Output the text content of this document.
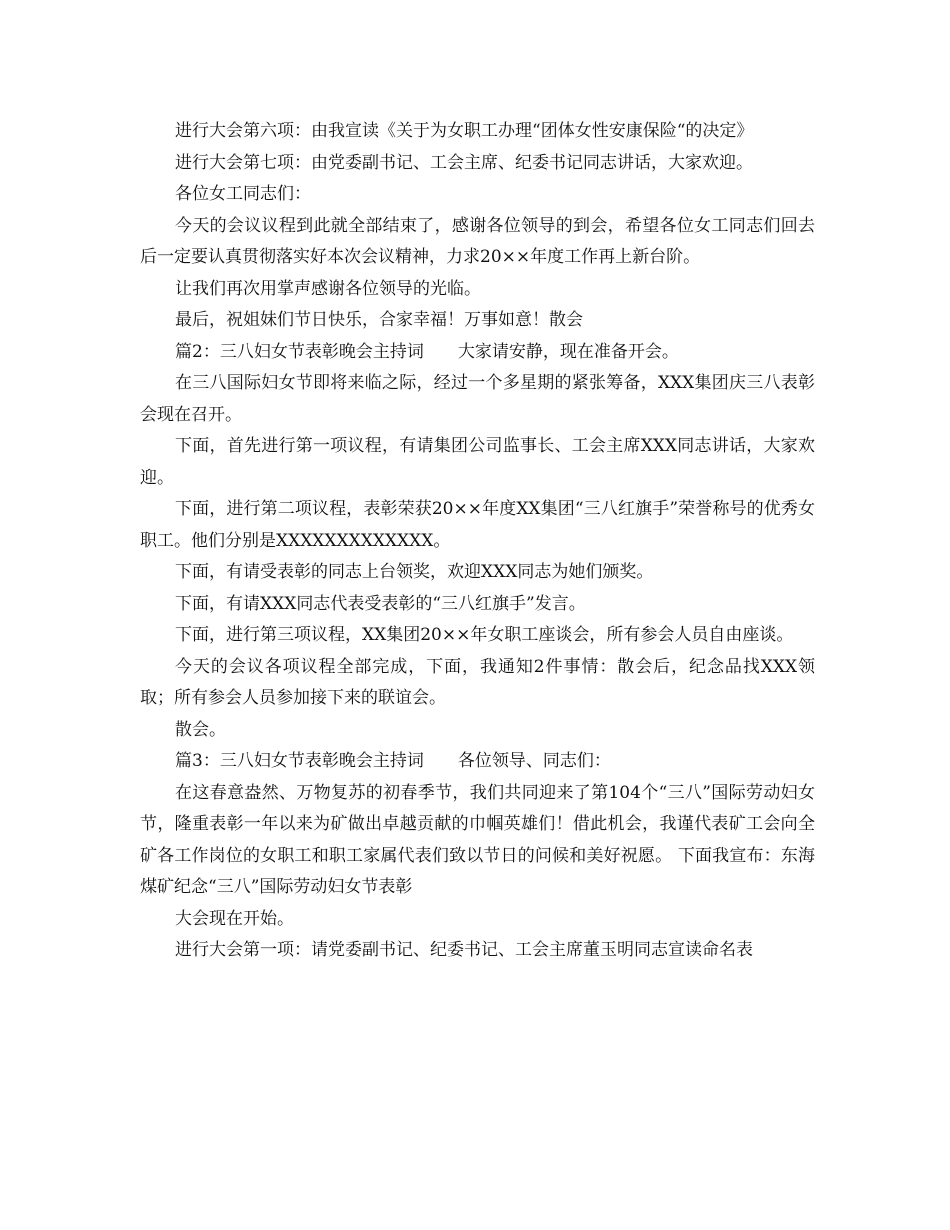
进行大会第六项：由我宣读《关于为女职工办理“团体女性安康保险“的决定》

进行大会第七项：由党委副书记、工会主席、纪委书记同志讲话，大家欢迎。

各位女工同志们：

今天的会议议程到此就全部结束了，感谢各位领导的到会，希望各位女工同志们回去后一定要认真贯彻落实好本次会议精神，力求20××年度工作再上新台阶。

让我们再次用掌声感谢各位领导的光临。

最后，祝姐妹们节日快乐，合家幸福！万事如意！散会

篇2：三八妇女节表彰晚会主持词　　大家请安静，现在准备开会。

在三八国际妇女节即将来临之际，经过一个多星期的紧张筹备，XXX集团庆三八表彰会现在召开。

下面，首先进行第一项议程，有请集团公司监事长、工会主席XXX同志讲话，大家欢迎。

下面，进行第二项议程，表彰荣获20××年度XX集团“三八红旗手”荣誉称号的优秀女职工。他们分别是XXXXXXXXXXXXX。

下面，有请受表彰的同志上台领奖，欢迎XXX同志为她们颁奖。

下面，有请XXX同志代表受表彰的“三八红旗手”发言。

下面，进行第三项议程，XX集团20××年女职工座谈会，所有参会人员自由座谈。

今天的会议各项议程全部完成，下面，我通知2件事情：散会后，纪念品找XXX领取；所有参会人员参加接下来的联谊会。

散会。

篇3：三八妇女节表彰晚会主持词　　各位领导、同志们：

在这春意盎然、万物复苏的初春季节，我们共同迎来了第104个“三八”国际劳动妇女节，隆重表彰一年以来为矿做出卓越贡献的巾帼英雄们！借此机会，我谨代表矿工会向全矿各工作岗位的女职工和职工家属代表们致以节日的问候和美好祝愿。 下面我宣布：东海煤矿纪念“三八”国际劳动妇女节表彰

大会现在开始。

进行大会第一项：请党委副书记、纪委书记、工会主席董玉明同志宣读命名表
